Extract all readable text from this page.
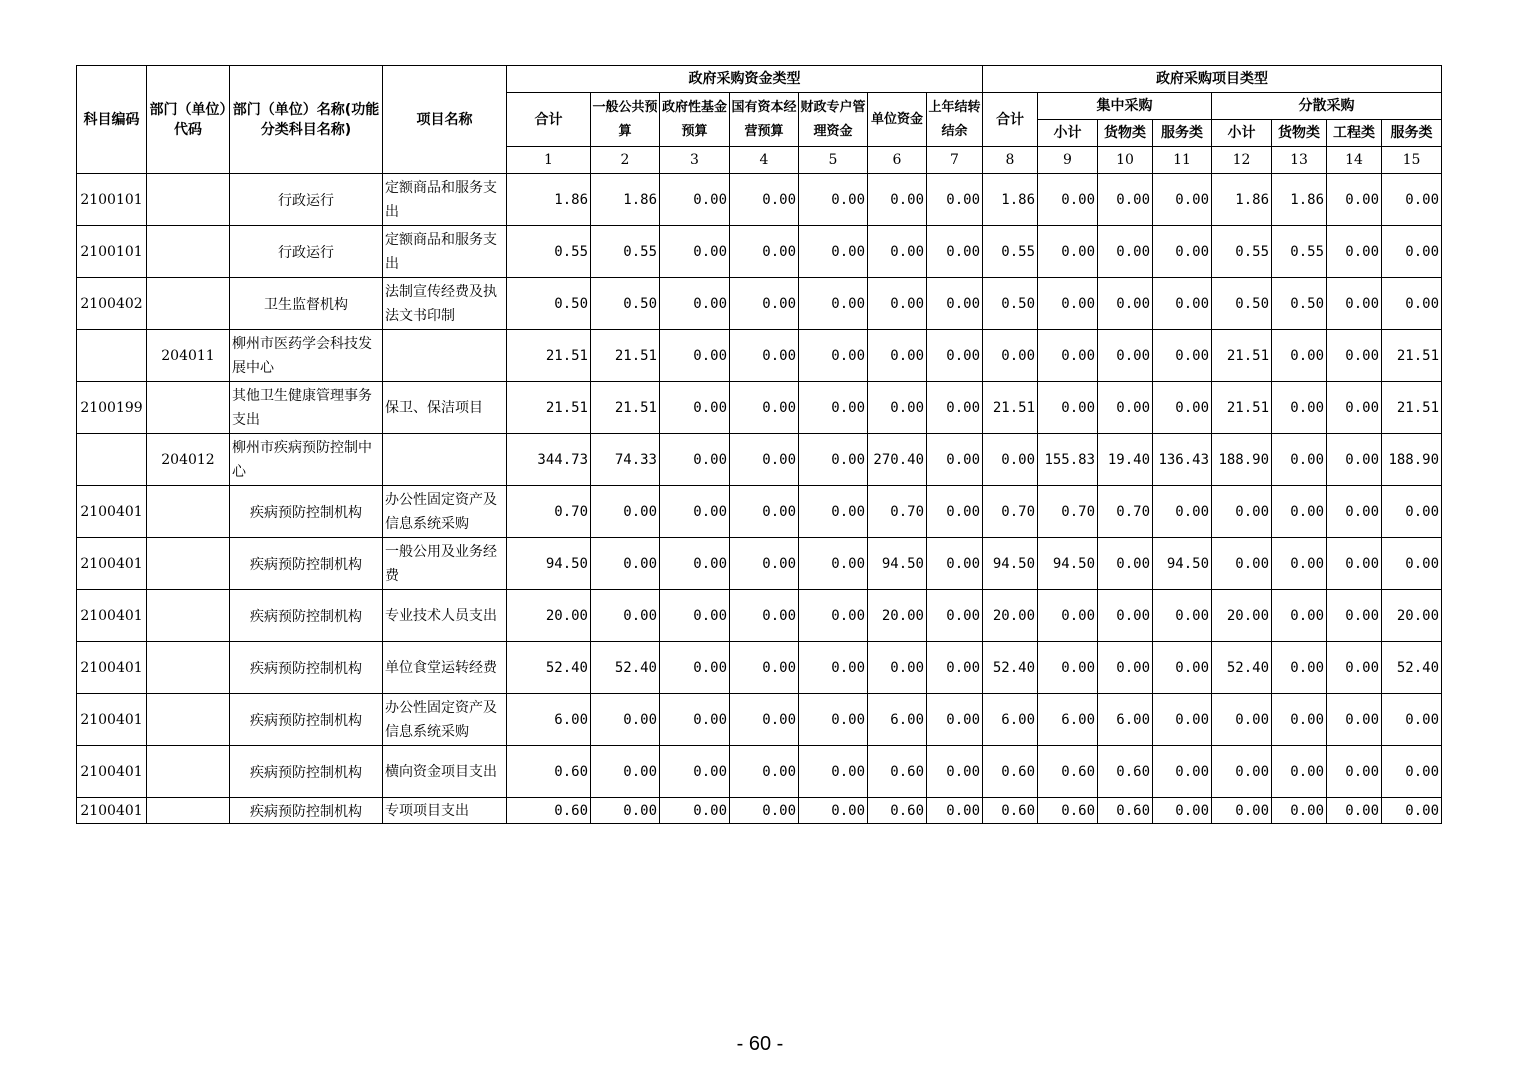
科目编码	部门（单位）代码	部门（单位）名称(功能分类科目名称)	项目名称	政府采购资金类型							政府采购项目类型							
				合计	一般公共预算	政府性基金预算	国有资本经营预算	财政专户管理资金	单位资金	上年结转结余	合计	集中采购			分散采购			
												小计	货物类	服务类	小计	货物类	工程类	服务类
				1	2	3	4	5	6	7	8	9	10	11	12	13	14	15
2100101		行政运行	定额商品和服务支出	1.86	1.86	0.00	0.00	0.00	0.00	0.00	1.86	0.00	0.00	0.00	1.86	1.86	0.00	0.00
2100101		行政运行	定额商品和服务支出	0.55	0.55	0.00	0.00	0.00	0.00	0.00	0.55	0.00	0.00	0.00	0.55	0.55	0.00	0.00
2100402		卫生监督机构	法制宣传经费及执法文书印制	0.50	0.50	0.00	0.00	0.00	0.00	0.00	0.50	0.00	0.00	0.00	0.50	0.50	0.00	0.00
	204011	柳州市医药学会科技发展中心		21.51	21.51	0.00	0.00	0.00	0.00	0.00	0.00	0.00	0.00	0.00	21.51	0.00	0.00	21.51
2100199		其他卫生健康管理事务支出	保卫、保洁项目	21.51	21.51	0.00	0.00	0.00	0.00	0.00	21.51	0.00	0.00	0.00	21.51	0.00	0.00	21.51
	204012	柳州市疾病预防控制中心		344.73	74.33	0.00	0.00	0.00	270.40	0.00	0.00	155.83	19.40	136.43	188.90	0.00	0.00	188.90
2100401		疾病预防控制机构	办公性固定资产及信息系统采购	0.70	0.00	0.00	0.00	0.00	0.70	0.00	0.70	0.70	0.70	0.00	0.00	0.00	0.00	0.00
2100401		疾病预防控制机构	一般公用及业务经费	94.50	0.00	0.00	0.00	0.00	94.50	0.00	94.50	94.50	0.00	94.50	0.00	0.00	0.00	0.00
2100401		疾病预防控制机构	专业技术人员支出	20.00	0.00	0.00	0.00	0.00	20.00	0.00	20.00	0.00	0.00	0.00	20.00	0.00	0.00	20.00
2100401		疾病预防控制机构	单位食堂运转经费	52.40	52.40	0.00	0.00	0.00	0.00	0.00	52.40	0.00	0.00	0.00	52.40	0.00	0.00	52.40
2100401		疾病预防控制机构	办公性固定资产及信息系统采购	6.00	0.00	0.00	0.00	0.00	6.00	0.00	6.00	6.00	6.00	0.00	0.00	0.00	0.00	0.00
2100401		疾病预防控制机构	横向资金项目支出	0.60	0.00	0.00	0.00	0.00	0.60	0.00	0.60	0.60	0.60	0.00	0.00	0.00	0.00	0.00
2100401		疾病预防控制机构	专项项目支出	0.60	0.00	0.00	0.00	0.00	0.60	0.00	0.60	0.60	0.60	0.00	0.00	0.00	0.00	0.00
- 60 -
